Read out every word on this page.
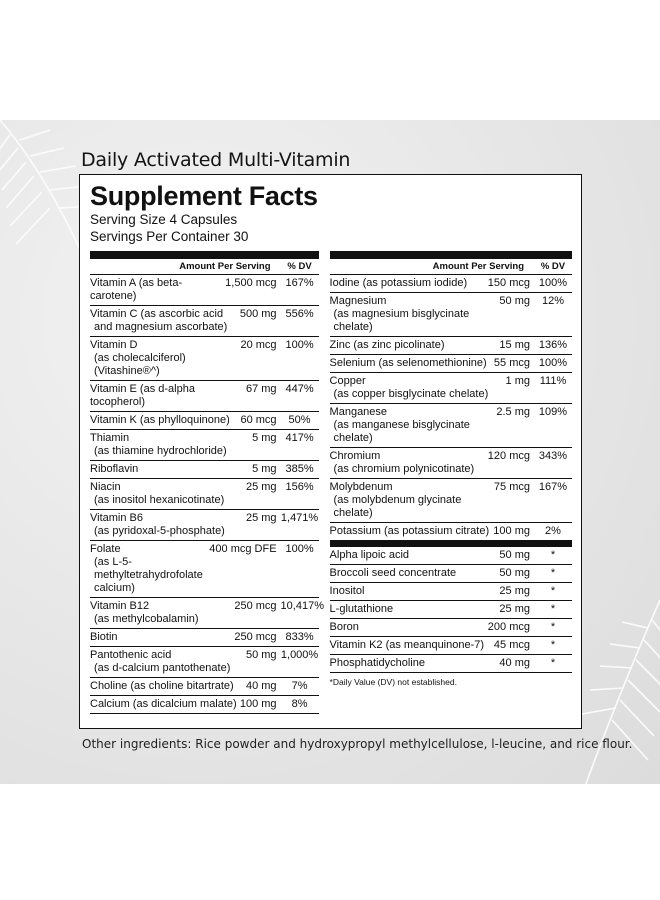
Daily Activated Multi-Vitamin
Supplement Facts
Serving Size 4 Capsules
Servings Per Container 30
Amount Per Serving	% DV
Vitamin A (as beta-carotene)
1,500 mcg 167%
Vitamin C (as ascorbic acid
and magnesium ascorbate)
500 mg 556%
Vitamin D
(as cholecalciferol) (Vitashine®^)
20 mcg 100%
Vitamin E (as d-alpha tocopherol)
67 mg 447%
Vitamin K (as phylloquinone) 60 mcg	50%
Thiamin
(as thiamine hydrochloride)
5 mg 417%
Riboflavin	5 mg 385%
Niacin
(as inositol hexanicotinate)
25 mg 156%
Vitamin B6
(as pyridoxal-5-phosphate)
25 mg 1,471%
Folate
(as L-5-methyltetrahydrofolate calcium)
400 mcg DFE 100%
Vitamin B12
(as methylcobalamin)
250 mcg 10,417%
Biotin	250 mcg 833%
Pantothenic acid
(as d-calcium pantothenate)
50 mg 1,000%
Choline (as choline bitartrate)	40 mg	7%
Calcium (as dicalcium malate) 100 mg	8%
Amount Per Serving	% DV
Iodine (as potassium iodide)	150 mcg 100%
Magnesium
(as magnesium bisglycinate chelate)
50 mg	12%
Zinc (as zinc picolinate)	15 mg 136%
Selenium (as selenomethionine) 55 mcg 100%
Copper
(as copper bisglycinate chelate)
1 mg 111%
Manganese
(as manganese bisglycinate chelate)
2.5 mg 109%
Chromium
(as chromium polynicotinate)
120 mcg 343%
Molybdenum
(as molybdenum glycinate chelate)
75 mcg 167%
Potassium (as potassium citrate) 100 mg	2%
Alpha lipoic acid	50 mg	*
Broccoli seed concentrate	50 mg	*
Inositol	25 mg	*
L-glutathione	25 mg	*
Boron	200 mcg	*
Vitamin K2 (as meanquinone-7) 45 mcg	*
Phosphatidycholine	40 mg	*
*Daily Value (DV) not established.
Other ingredients: Rice powder and hydroxypropyl methylcellulose, l-leucine, and rice flour.
